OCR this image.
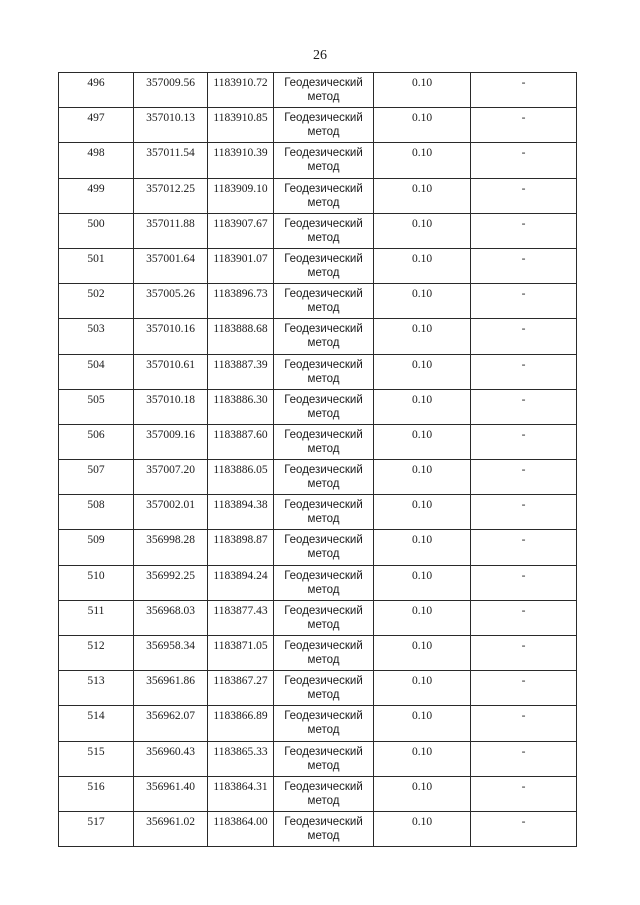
26
496	357009.56	1183910.72	Геодезический метод	0.10	-
497	357010.13	1183910.85	Геодезический метод	0.10	-
498	357011.54	1183910.39	Геодезический метод	0.10	-
499	357012.25	1183909.10	Геодезический метод	0.10	-
500	357011.88	1183907.67	Геодезический метод	0.10	-
501	357001.64	1183901.07	Геодезический метод	0.10	-
502	357005.26	1183896.73	Геодезический метод	0.10	-
503	357010.16	1183888.68	Геодезический метод	0.10	-
504	357010.61	1183887.39	Геодезический метод	0.10	-
505	357010.18	1183886.30	Геодезический метод	0.10	-
506	357009.16	1183887.60	Геодезический метод	0.10	-
507	357007.20	1183886.05	Геодезический метод	0.10	-
508	357002.01	1183894.38	Геодезический метод	0.10	-
509	356998.28	1183898.87	Геодезический метод	0.10	-
510	356992.25	1183894.24	Геодезический метод	0.10	-
511	356968.03	1183877.43	Геодезический метод	0.10	-
512	356958.34	1183871.05	Геодезический метод	0.10	-
513	356961.86	1183867.27	Геодезический метод	0.10	-
514	356962.07	1183866.89	Геодезический метод	0.10	-
515	356960.43	1183865.33	Геодезический метод	0.10	-
516	356961.40	1183864.31	Геодезический метод	0.10	-
517	356961.02	1183864.00	Геодезический метод	0.10	-
